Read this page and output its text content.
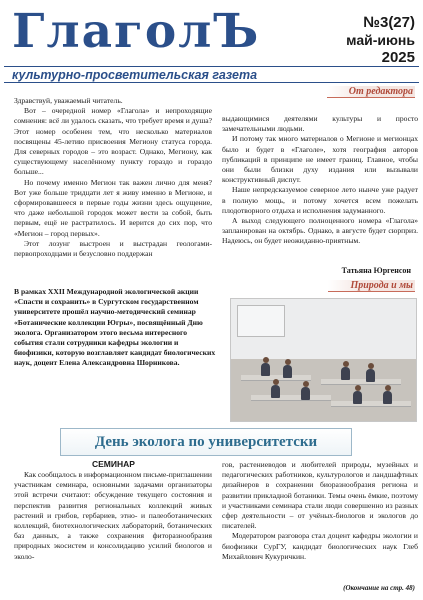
ГлаголЪ	№3(27)
май-июнь
2025
культурно-просветительская газета
От редактора

Здравствуй, уважаемый читатель.

Вот – очередной номер «Глагола» и непроходящие сомнения: всё ли удалось сказать, что требует время и душа? Этот номер особенен тем, что несколько материалов посвящены 45-летию присвоения Мегиону статуса города. Для северных городов – это возраст. Однако, Мегиону, как существующему населённому пункту гораздо и гораздо больше...

Но почему именно Мегион так важен лично для меня? Вот уже больше тридцати лет я живу именно в Мегионе, и сформировавшееся в первые годы жизни здесь ощущение, что даже небольшой городок может вести за собой, быть первым, ещё не растратилось. И верится до сих пор, что «Мегион – город первых».

Этот лозунг выстроен и выстрадан геологами-первопроходцами и безусловно поддержан

выдающимися деятелями культуры и просто замечательными людьми.

И потому так много материалов о Мегионе и мегионцах было и будет в «Глаголе», хотя география авторов публикаций в принципе не имеет границ. Главное, чтобы они были близки духу издания или вызывали конструктивный диспут.

Наше непредсказуемое северное лето нынче уже радует в полную мощь, и потому хочется всем пожелать плодотворного отдыха и исполнения задуманного.

А выход следующего полноценного номера «Глагола» запланирован на октябрь. Однако, в августе будет сюрприз. Надеюсь, он будет неожиданно-приятным.

Татьяна Юргенсон
Природа и мы
В рамках XXII Международной экологической акции «Спасти и сохранить» в Сургутском государственном университете прошёл научно-методический семинар «Ботанические коллекции Югры», посвящённый Дню эколога. Организатором этого весьма интересного события стали сотрудники кафедры экологии и биофизики, которую возглавляет кандидат биологических наук, доцент Елена Александровна Шорникова.
День эколога по университетски
СЕМИНАР

Как сообщалось в информационном письме-приглашении участникам семинара, основными задачами организаторы этой встречи считают: обсуждение текущего состояния и перспектив развития региональных коллекций живых растений и грибов, гербариев, этно- и палеоботанических коллекций, биотехнологических лабораторий, ботанических баз данных, а также сохранения фиторазнообразия природных экосистем и консолидацию усилий биологов и эколо-

гов, растениеводов и любителей природы, музейных и педагогических работников, культурологов и ландшафтных дизайнеров в сохранении биоразнообразия региона и развитии прикладной ботаники. Темы очень ёмкие, поэтому и участниками семинара стали люди совершенно из разных сфер деятельности – от учёных-биологов и экологов до писателей.

Модератором разговора стал доцент кафедры экологии и биофизики СурГУ, кандидат биологических наук Глеб Михайлович Кукуричкин.

(Окончание на стр. 48)
